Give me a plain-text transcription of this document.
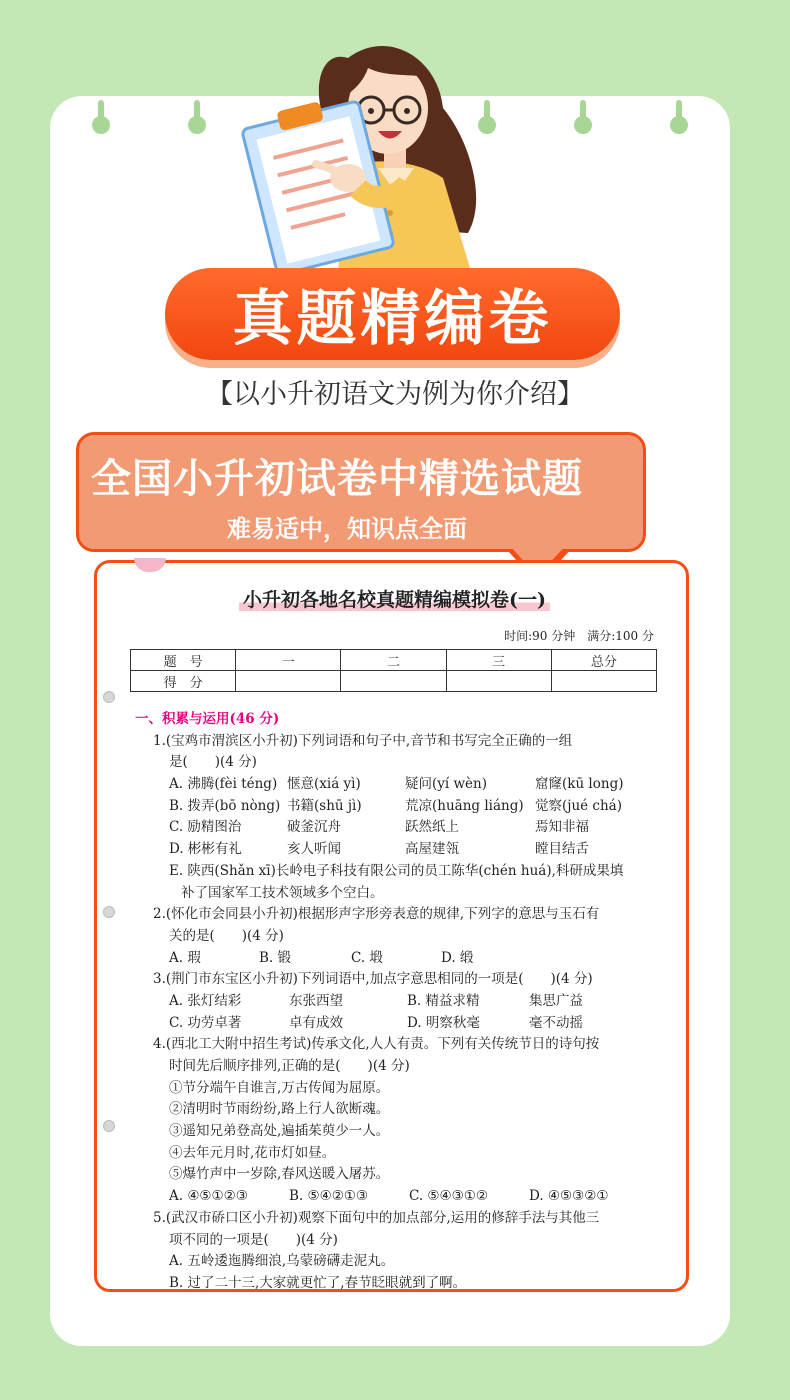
真题精编卷
【以小升初语文为例为你介绍】
全国小升初试卷中精选试题
难易适中，知识点全面
小升初各地名校真题精编模拟卷(一)
时间:90 分钟　满分:100 分
题　号	一	二	三	总分
得　分				
一、积累与运用(46 分)
1.(宝鸡市渭滨区小升初)下列词语和句子中,音节和书写完全正确的一组
是(　　)(4 分)
A. 沸腾(fèi téng) 惬意(xiá yì)	疑问(yí wèn)	窟窿(kū long)
B. 拨弄(bō nòng) 书籍(shū jì)	荒凉(huāng liáng) 觉察(jué chá)
C. 励精图治	破釜沉舟	跃然纸上	焉知非福
D. 彬彬有礼	亥人听闻	高屋建瓴	瞠目结舌
E. 陕西(Shǎn xī)长岭电子科技有限公司的员工陈华(chén huá),科研成果填
补了国家军工技术领域多个空白。
2.(怀化市会同县小升初)根据形声字形旁表意的规律,下列字的意思与玉石有
关的是(　　)(4 分)
A. 瑕	B. 锻	C. 塅	D. 缎
3.(荆门市东宝区小升初)下列词语中,加点字意思相同的一项是(　　)(4 分)
A. 张灯结彩	东张西望	B. 精益求精	集思广益
C. 功劳卓著	卓有成效	D. 明察秋毫	毫不动摇
4.(西北工大附中招生考试)传承文化,人人有责。下列有关传统节日的诗句按
时间先后顺序排列,正确的是(　　)(4 分)
①节分端午自谁言,万古传闻为屈原。
②清明时节雨纷纷,路上行人欲断魂。
③遥知兄弟登高处,遍插茱萸少一人。
④去年元月时,花市灯如昼。
⑤爆竹声中一岁除,春风送暖入屠苏。
A. ④⑤①②③	B. ⑤④②①③	C. ⑤④③①②	D. ④⑤③②①
5.(武汉市硚口区小升初)观察下面句中的加点部分,运用的修辞手法与其他三
项不同的一项是(　　)(4 分)
A. 五岭逶迤腾细浪,乌蒙磅礴走泥丸。
B. 过了二十三,大家就更忙了,春节眨眼就到了啊。
